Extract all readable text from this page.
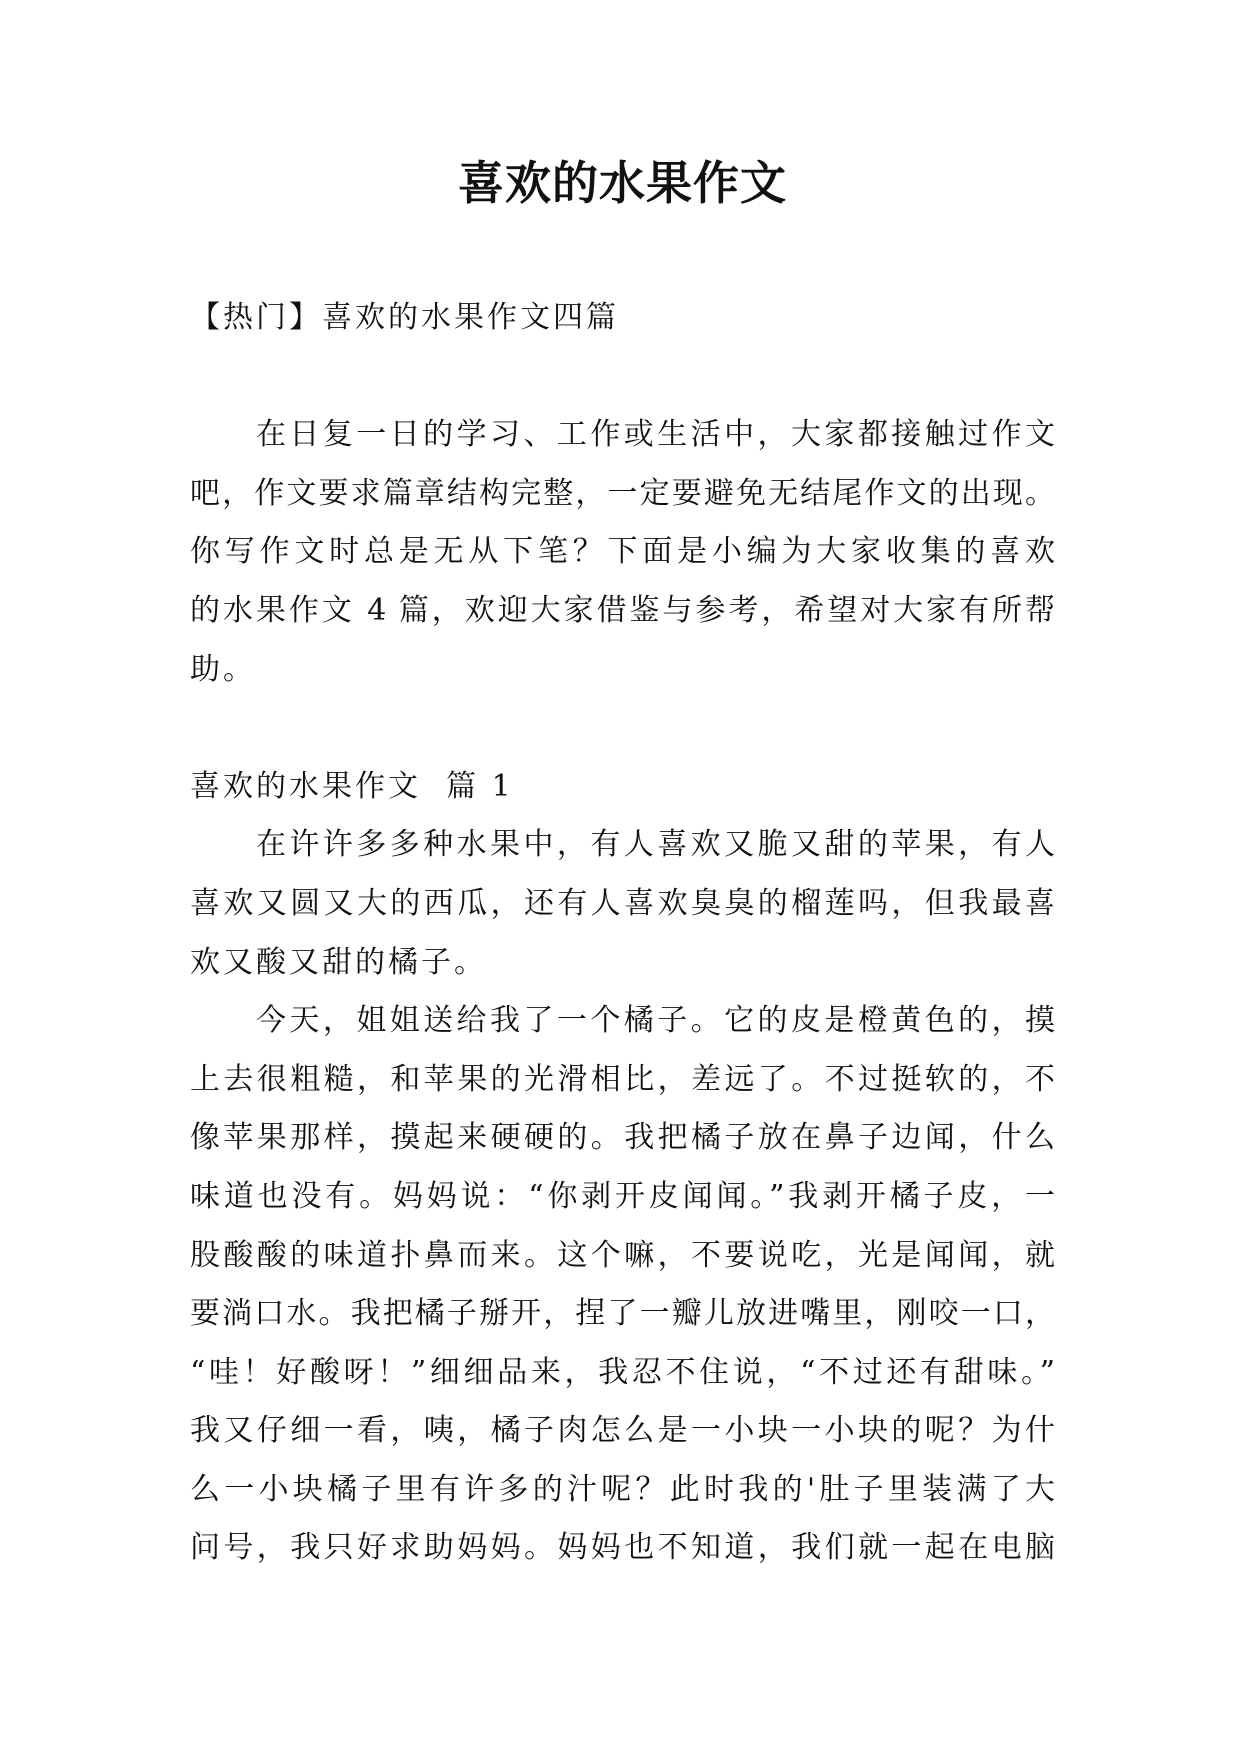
喜欢的水果作文
【热门】喜欢的水果作文四篇
在日复一日的学习、工作或生活中，大家都接触过作文
吧，作文要求篇章结构完整，一定要避免无结尾作文的出现。
你写作文时总是无从下笔？下面是小编为大家收集的喜欢
的水果作文 4 篇，欢迎大家借鉴与参考，希望对大家有所帮
助。
喜欢的水果作文  篇 1
在许许多多种水果中，有人喜欢又脆又甜的苹果，有人
喜欢又圆又大的西瓜，还有人喜欢臭臭的榴莲吗，但我最喜
欢又酸又甜的橘子。
今天，姐姐送给我了一个橘子。它的皮是橙黄色的，摸
上去很粗糙，和苹果的光滑相比，差远了。不过挺软的，不
像苹果那样，摸起来硬硬的。我把橘子放在鼻子边闻，什么
味道也没有。妈妈说：“你剥开皮闻闻。”我剥开橘子皮，一
股酸酸的味道扑鼻而来。这个嘛，不要说吃，光是闻闻，就
要淌口水。我把橘子掰开，捏了一瓣儿放进嘴里，刚咬一口，
“哇！好酸呀！”细细品来，我忍不住说，“不过还有甜味。”
我又仔细一看，咦，橘子肉怎么是一小块一小块的呢？为什
么一小块橘子里有许多的汁呢？此时我的'肚子里装满了大
问号，我只好求助妈妈。妈妈也不知道，我们就一起在电脑
